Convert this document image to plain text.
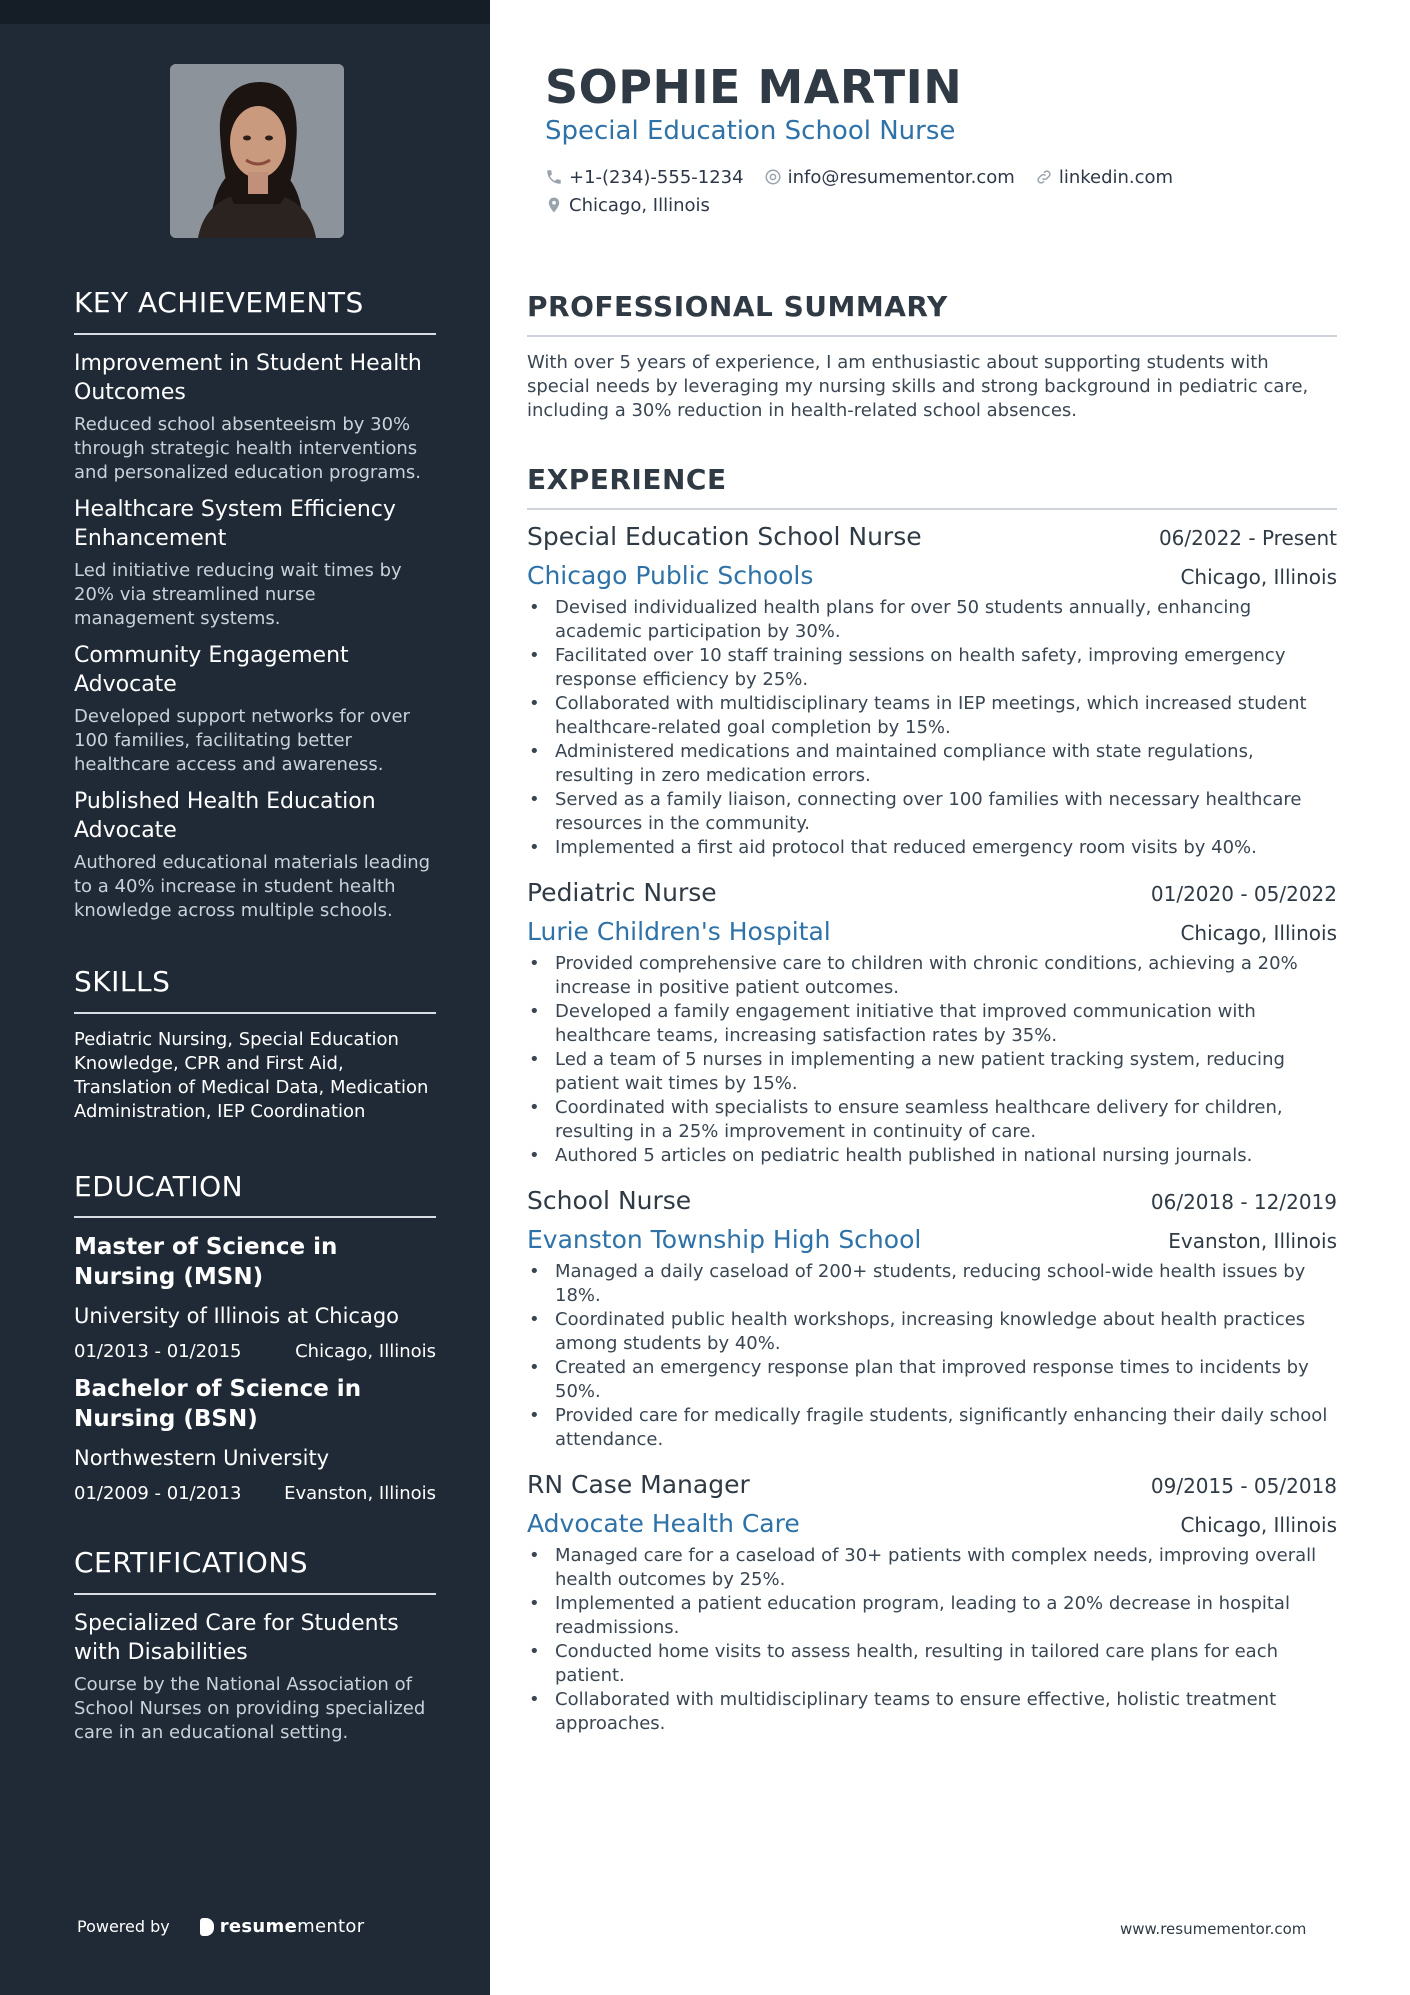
KEY ACHIEVEMENTS
Improvement in Student Health Outcomes
Reduced school absenteeism by 30% through strategic health interventions and personalized education programs.
Healthcare System Efficiency Enhancement
Led initiative reducing wait times by 20% via streamlined nurse management systems.
Community Engagement Advocate
Developed support networks for over 100 families, facilitating better healthcare access and awareness.
Published Health Education Advocate
Authored educational materials leading to a 40% increase in student health knowledge across multiple schools.
SKILLS
Pediatric Nursing, Special Education Knowledge, CPR and First Aid, Translation of Medical Data, Medication Administration, IEP Coordination
EDUCATION
Master of Science in Nursing (MSN)
University of Illinois at Chicago
01/2013 - 01/2015	Chicago, Illinois
Bachelor of Science in Nursing (BSN)
Northwestern University
01/2009 - 01/2013 Evanston, Illinois
CERTIFICATIONS
Specialized Care for Students with Disabilities
Course by the National Association of School Nurses on providing specialized care in an educational setting.
Powered by	resume mentor
SOPHIE MARTIN
Special Education School Nurse
+1-(234)-555-1234 info@resumementor.com linkedin.com
Chicago, Illinois
PROFESSIONAL SUMMARY

With over 5 years of experience, I am enthusiastic about supporting students with special needs by leveraging my nursing skills and strong background in pediatric care, including a 30% reduction in health-related school absences.

EXPERIENCE
Special Education School Nurse	06/2022 - Present
Chicago Public Schools	Chicago, Illinois
• Devised individualized health plans for over 50 students annually, enhancing academic participation by 30%.
• Facilitated over 10 staff training sessions on health safety, improving emergency response efficiency by 25%.
• Collaborated with multidisciplinary teams in IEP meetings, which increased student healthcare-related goal completion by 15%.
• Administered medications and maintained compliance with state regulations, resulting in zero medication errors.
• Served as a family liaison, connecting over 100 families with necessary healthcare resources in the community.
• Implemented a first aid protocol that reduced emergency room visits by 40%.
Pediatric Nurse	01/2020 - 05/2022
Lurie Children's Hospital	Chicago, Illinois
• Provided comprehensive care to children with chronic conditions, achieving a 20% increase in positive patient outcomes.
• Developed a family engagement initiative that improved communication with healthcare teams, increasing satisfaction rates by 35%.
• Led a team of 5 nurses in implementing a new patient tracking system, reducing patient wait times by 15%.
• Coordinated with specialists to ensure seamless healthcare delivery for children, resulting in a 25% improvement in continuity of care.
• Authored 5 articles on pediatric health published in national nursing journals.
School Nurse	06/2018 - 12/2019
Evanston Township High School	Evanston, Illinois
• Managed a daily caseload of 200+ students, reducing school-wide health issues by 18%.
• Coordinated public health workshops, increasing knowledge about health practices among students by 40%.
• Created an emergency response plan that improved response times to incidents by 50%.
• Provided care for medically fragile students, significantly enhancing their daily school attendance.
RN Case Manager	09/2015 - 05/2018
Advocate Health Care	Chicago, Illinois
• Managed care for a caseload of 30+ patients with complex needs, improving overall health outcomes by 25%.
• Implemented a patient education program, leading to a 20% decrease in hospital readmissions.
• Conducted home visits to assess health, resulting in tailored care plans for each patient.
• Collaborated with multidisciplinary teams to ensure effective, holistic treatment approaches.
www.resumementor.com
